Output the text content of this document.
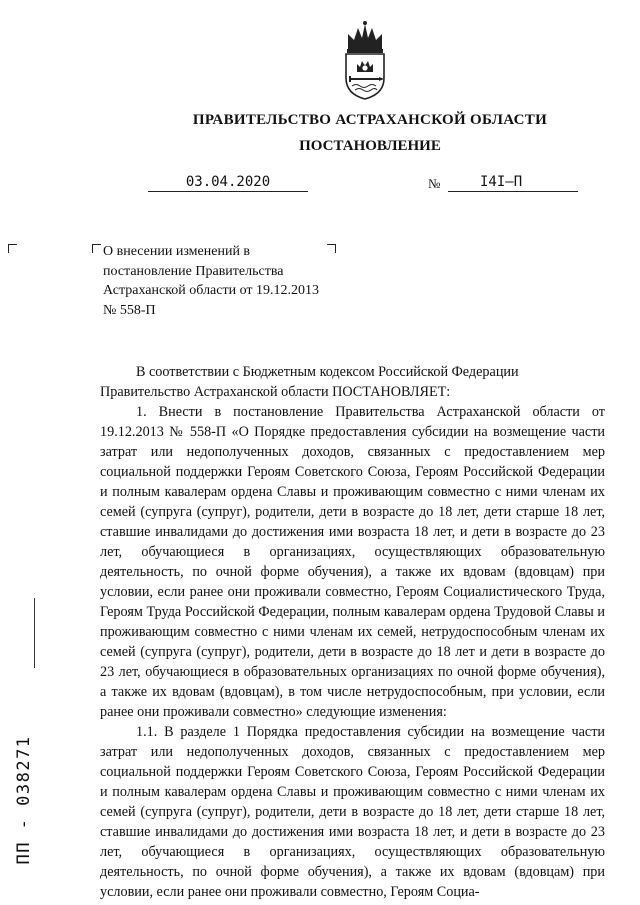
ПРАВИТЕЛЬСТВО АСТРАХАНСКОЙ ОБЛАСТИ
ПОСТАНОВЛЕНИЕ
03.04.2020	№	I4I–П
О внесении изменений в постановление Правительства Астраханской области от 19.12.2013 № 558-П

В соответствии с Бюджетным кодексом Российской Федерации

Правительство Астраханской области ПОСТАНОВЛЯЕТ:

1. Внести в постановление Правительства Астраханской области от 19.12.2013 № 558-П «О Порядке предоставления субсидии на возмещение части затрат или недополученных доходов, связанных с предоставлением мер социальной поддержки Героям Советского Союза, Героям Российской Федерации и полным кавалерам ордена Славы и проживающим совместно с ними членам их семей (супруга (супруг), родители, дети в возрасте до 18 лет, дети старше 18 лет, ставшие инвалидами до достижения ими возраста 18 лет, и дети в возрасте до 23 лет, обучающиеся в организациях, осуществляющих образовательную деятельность, по очной форме обучения), а также их вдовам (вдовцам) при условии, если ранее они проживали совместно, Героям Социалистического Труда, Героям Труда Российской Федерации, полным кавалерам ордена Трудовой Славы и проживающим совместно с ними членам их семей, нетрудоспособным членам их семей (супруга (супруг), родители, дети в возрасте до 18 лет и дети в возрасте до 23 лет, обучающиеся в образовательных организациях по очной форме обучения), а также их вдовам (вдовцам), в том числе нетрудоспособным, при условии, если ранее они проживали совместно» следующие изменения:

1.1. В разделе 1 Порядка предоставления субсидии на возмещение части затрат или недополученных доходов, связанных с предоставлением мер социальной поддержки Героям Советского Союза, Героям Российской Федерации и полным кавалерам ордена Славы и проживающим совместно с ними членам их семей (супруга (супруг), родители, дети в возрасте до 18 лет, дети старше 18 лет, ставшие инвалидами до достижения ими возраста 18 лет, и дети в возрасте до 23 лет, обучающиеся в организациях, осуществляющих образовательную деятельность, по очной форме обучения), а также их вдовам (вдовцам) при условии, если ранее они проживали совместно, Героям Социа-

ПП - 038271
